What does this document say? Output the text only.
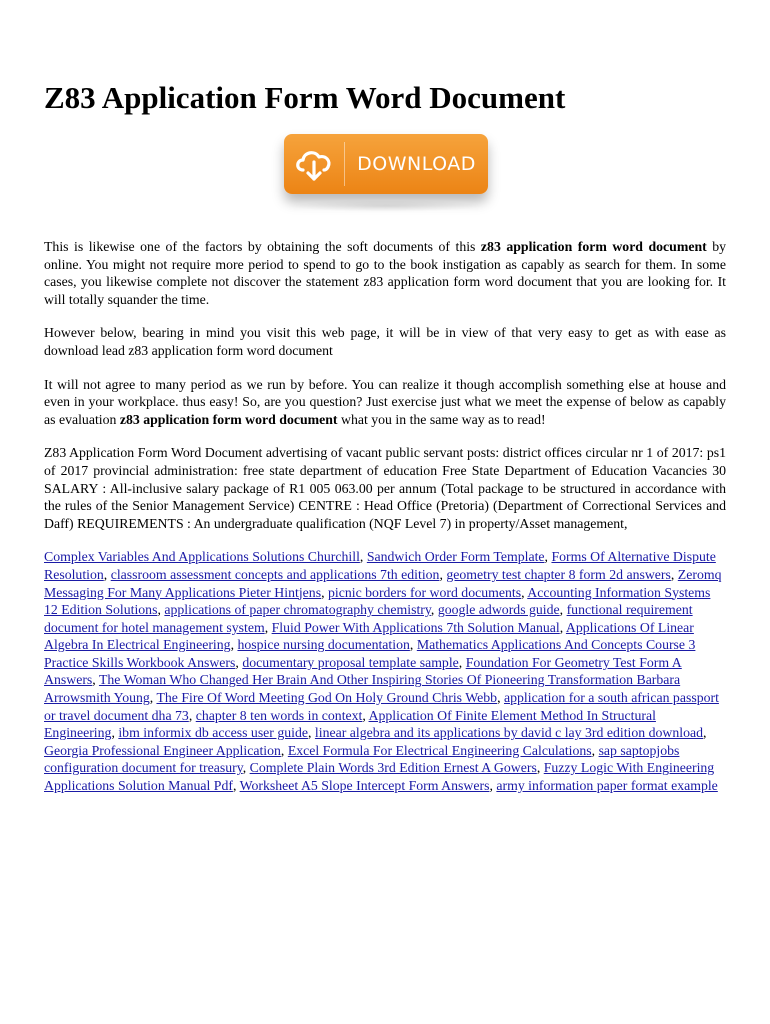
Z83 Application Form Word Document
DOWNLOAD

This is likewise one of the factors by obtaining the soft documents of this z83 application form word document by online. You might not require more period to spend to go to the book instigation as capably as search for them. In some cases, you likewise complete not discover the statement z83 application form word document that you are looking for. It will totally squander the time.

However below, bearing in mind you visit this web page, it will be in view of that very easy to get as with ease as download lead z83 application form word document

It will not agree to many period as we run by before. You can realize it though accomplish something else at house and even in your workplace. thus easy! So, are you question? Just exercise just what we meet the expense of below as capably as evaluation z83 application form word document what you in the same way as to read!

Z83 Application Form Word Document advertising of vacant public servant posts: district offices circular nr 1 of 2017: ps1 of 2017 provincial administration: free state department of education Free State Department of Education Vacancies 30 SALARY : All-inclusive salary package of R1 005 063.00 per annum (Total package to be structured in accordance with the rules of the Senior Management Service) CENTRE : Head Office (Pretoria) (Department of Correctional Services and Daff) REQUIREMENTS : An undergraduate qualification (NQF Level 7) in property/Asset management,

Complex Variables And Applications Solutions Churchill, Sandwich Order Form Template, Forms Of Alternative Dispute Resolution, classroom assessment concepts and applications 7th edition, geometry test chapter 8 form 2d answers, Zeromq Messaging For Many Applications Pieter Hintjens, picnic borders for word documents, Accounting Information Systems 12 Edition Solutions, applications of paper chromatography chemistry, google adwords guide, functional requirement document for hotel management system, Fluid Power With Applications 7th Solution Manual, Applications Of Linear Algebra In Electrical Engineering, hospice nursing documentation, Mathematics Applications And Concepts Course 3 Practice Skills Workbook Answers, documentary proposal template sample, Foundation For Geometry Test Form A Answers, The Woman Who Changed Her Brain And Other Inspiring Stories Of Pioneering Transformation Barbara Arrowsmith Young, The Fire Of Word Meeting God On Holy Ground Chris Webb, application for a south african passport or travel document dha 73, chapter 8 ten words in context, Application Of Finite Element Method In Structural Engineering, ibm informix db access user guide, linear algebra and its applications by david c lay 3rd edition download, Georgia Professional Engineer Application, Excel Formula For Electrical Engineering Calculations, sap saptopjobs configuration document for treasury, Complete Plain Words 3rd Edition Ernest A Gowers, Fuzzy Logic With Engineering Applications Solution Manual Pdf, Worksheet A5 Slope Intercept Form Answers, army information paper format example
